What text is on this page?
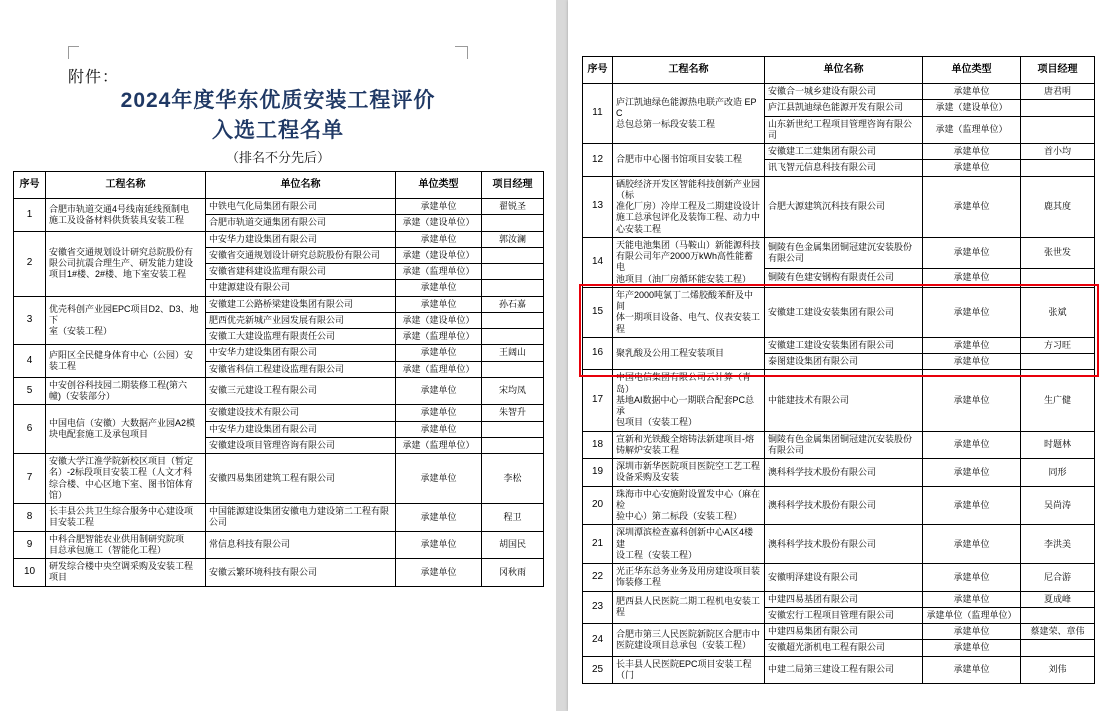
附件：
2024年度华东优质安装工程评价
入选工程名单
（排名不分先后）
序号	工程名称	单位名称	单位类型	项目经理
1	合肥市轨道交通4号线南延线预制电
施工及设备材料供货装具安装工程	中铁电气化局集团有限公司	承建单位	翟锐圣
		合肥市轨道交通集团有限公司	承建（建设单位）	
2	安徽省交通规划设计研究总院股份有
限公司抗震合理生产、研发能力建设
项目1#楼、2#楼、地下室安装工程	中安华力建设集团有限公司	承建单位	郭汝澜
		安徽省交通规划设计研究总院股份有限公司	承建（建设单位）	
		安徽省建科建设监理有限公司	承建（监理单位）	
		中建源建设有限公司	承建单位	
3	优壳科创产业园EPC项目D2、D3、地下
室（安装工程）	安徽建工公路桥梁建设集团有限公司	承建单位	孙石嘉
		肥西优壳新城产业园发展有限公司	承建（建设单位）	
		安徽工大建设监理有限责任公司	承建（监理单位）	
4	庐阳区全民健身体育中心（公园）安
装工程	中安华力建设集团有限公司	承建单位	王阔山
		安徽省科信工程建设监理有限公司	承建（监理单位）	
5	中安创谷科技园二期装修工程(第六
幢)（安装部分）	安徽三元建设工程有限公司	承建单位	宋均凤
6	中国电信（安徽）大数据产业园A2模
块电配套施工及承包项目	安徽建设技术有限公司	承建单位	朱智升
		中安华力建设集团有限公司	承建单位	
		安徽建设项目管理咨询有限公司	承建（监理单位）	
7	安徽大学江淮学院新校区项目（暂定
名）-2标段项目安装工程（人文才科
综合楼、中心区地下室、图书馆体育
馆）	安徽四易集团建筑工程有限公司	承建单位	李松
8	长丰县公共卫生综合服务中心建设项
目安装工程	中国能源建设集团安徽电力建设第二工程有限公司	承建单位	程卫
9	中科合肥智能农业供用制研究院项
目总承包施工（智能化工程）	常信息科技有限公司	承建单位	胡国民
10	研发综合楼中央空调采购及安装工程
项目	安徽云繁环境科技有限公司	承建单位	冈秋雨
序号	工程名称	单位名称	单位类型	项目经理
11	庐江凯迪绿色能源热电联产改造 EPC
总包总第一标段安装工程	安徽合一城乡建设有限公司	承建单位	唐君明
		庐江县凯迪绿色能源开发有限公司	承建（建设单位）	
		山东新世纪工程项目管理咨询有限公司	承建（监理单位）	
12	合肥市中心图书馆项目安装工程	安徽建工二建集团有限公司	承建单位	首小均
		讯飞智元信息科技有限公司	承建单位	
13	硒胶经济开发区智能科技创新产业园（标
准化厂房）冷岸工程及二期建设设计
施工总承包评化及装饰工程、动力中
心安装工程	合肥大源建筑沉科技有限公司	承建单位	鹿其度
14	天能电池集团（马鞍山）新能源科技
有限公司年产2000万kWh高性能蓄电
池项目（油厂房循环能安装工程）	铜陵有色金属集团铜冠建沉安装股份有限公司	承建单位	张世发
		铜陵有色建安钢构有限责任公司	承建单位	
15	年产2000吨氯丁二烯胶酸苯酐及中间
体一期项目设备、电气、仪表安装工
程	安徽建工建设安装集团有限公司	承建单位	张斌
16	聚乳酸及公用工程安装项目	安徽建工建设安装集团有限公司	承建单位	方习旺
		泰图建设集团有限公司	承建单位	
17	中国电信集团有限公司云计算（青岛）
基地AI数据中心一期联合配套PC总承
包项目（安装工程）	中能建技术有限公司	承建单位	生广健
18	宣新和光铁酸全熔铸法新建项目-熔
铸解炉安装工程	铜陵有色金属集团铜冠建沉安装股份有限公司	承建单位	时题林
19	深圳市新华医院项目医院空工艺工程
设备采购及安装	澳科科学技术股份有限公司	承建单位	同形
20	珠海市中心安施附设置发中心（麻在检
验中心）第二标段（安装工程）	澳科科学技术股份有限公司	承建单位	吴尚涛
21	深圳潭滨检查嘉科创新中心A区4楼建
设工程（安装工程）	澳科科学技术股份有限公司	承建单位	李洪美
22	光正华东总务业务及用房建设项目装
饰装修工程	安徽明泽建设有限公司	承建单位	尼合游
23	肥西县人民医院二期工程机电安装工
程	中建四易基团有限公司	承建单位	夏成峰
		安徽宏行工程项目管理有限公司	承建单位（监理单位）	
24	合肥市第三人民医院新院区合肥市中
医院建设项目总承包（安装工程）	中建四易集团有限公司	承建单位	蔡建荣、章伟
		安徽超光浙机电工程有限公司	承建单位	
25	长丰县人民医院EPC项目安装工程（门	中建二局第三建设工程有限公司	承建单位	刘伟
